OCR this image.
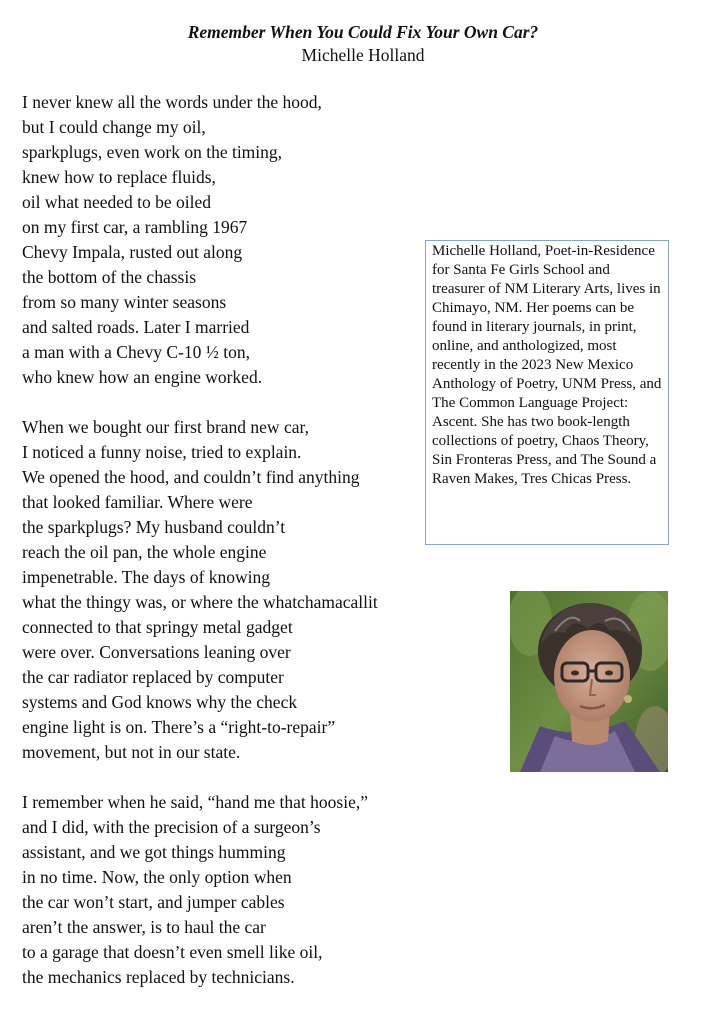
Remember When You Could Fix Your Own Car?
Michelle Holland
I never knew all the words under the hood,
but I could change my oil,
sparkplugs, even work on the timing,
knew how to replace fluids,
oil what needed to be oiled
on my first car, a rambling 1967
Chevy Impala, rusted out along
the bottom of the chassis
from so many winter seasons
and salted roads. Later I married
a man with a Chevy C-10 ½ ton,
who knew how an engine worked.
When we bought our first brand new car,
I noticed a funny noise, tried to explain.
We opened the hood, and couldn’t find anything
that looked familiar. Where were
the sparkplugs? My husband couldn’t
reach the oil pan, the whole engine
impenetrable. The days of knowing
what the thingy was, or where the whatchamacallit
connected to that springy metal gadget
were over. Conversations leaning over
the car radiator replaced by computer
systems and God knows why the check
engine light is on. There’s a “right-to-repair”
movement, but not in our state.
I remember when he said, “hand me that hoosie,”
and I did, with the precision of a surgeon’s
assistant, and we got things humming
in no time. Now, the only option when
the car won’t start, and jumper cables
aren’t the answer, is to haul the car
to a garage that doesn’t even smell like oil,
the mechanics replaced by technicians.
Michelle Holland, Poet-in-Residence for Santa Fe Girls School and treasurer of NM Literary Arts, lives in Chimayo, NM. Her poems can be found in literary journals, in print, online, and anthologized, most recently in the 2023 New Mexico Anthology of Poetry, UNM Press, and The Common Language Project: Ascent. She has two book-length collections of poetry, Chaos Theory, Sin Fronteras Press, and The Sound a Raven Makes, Tres Chicas Press.
